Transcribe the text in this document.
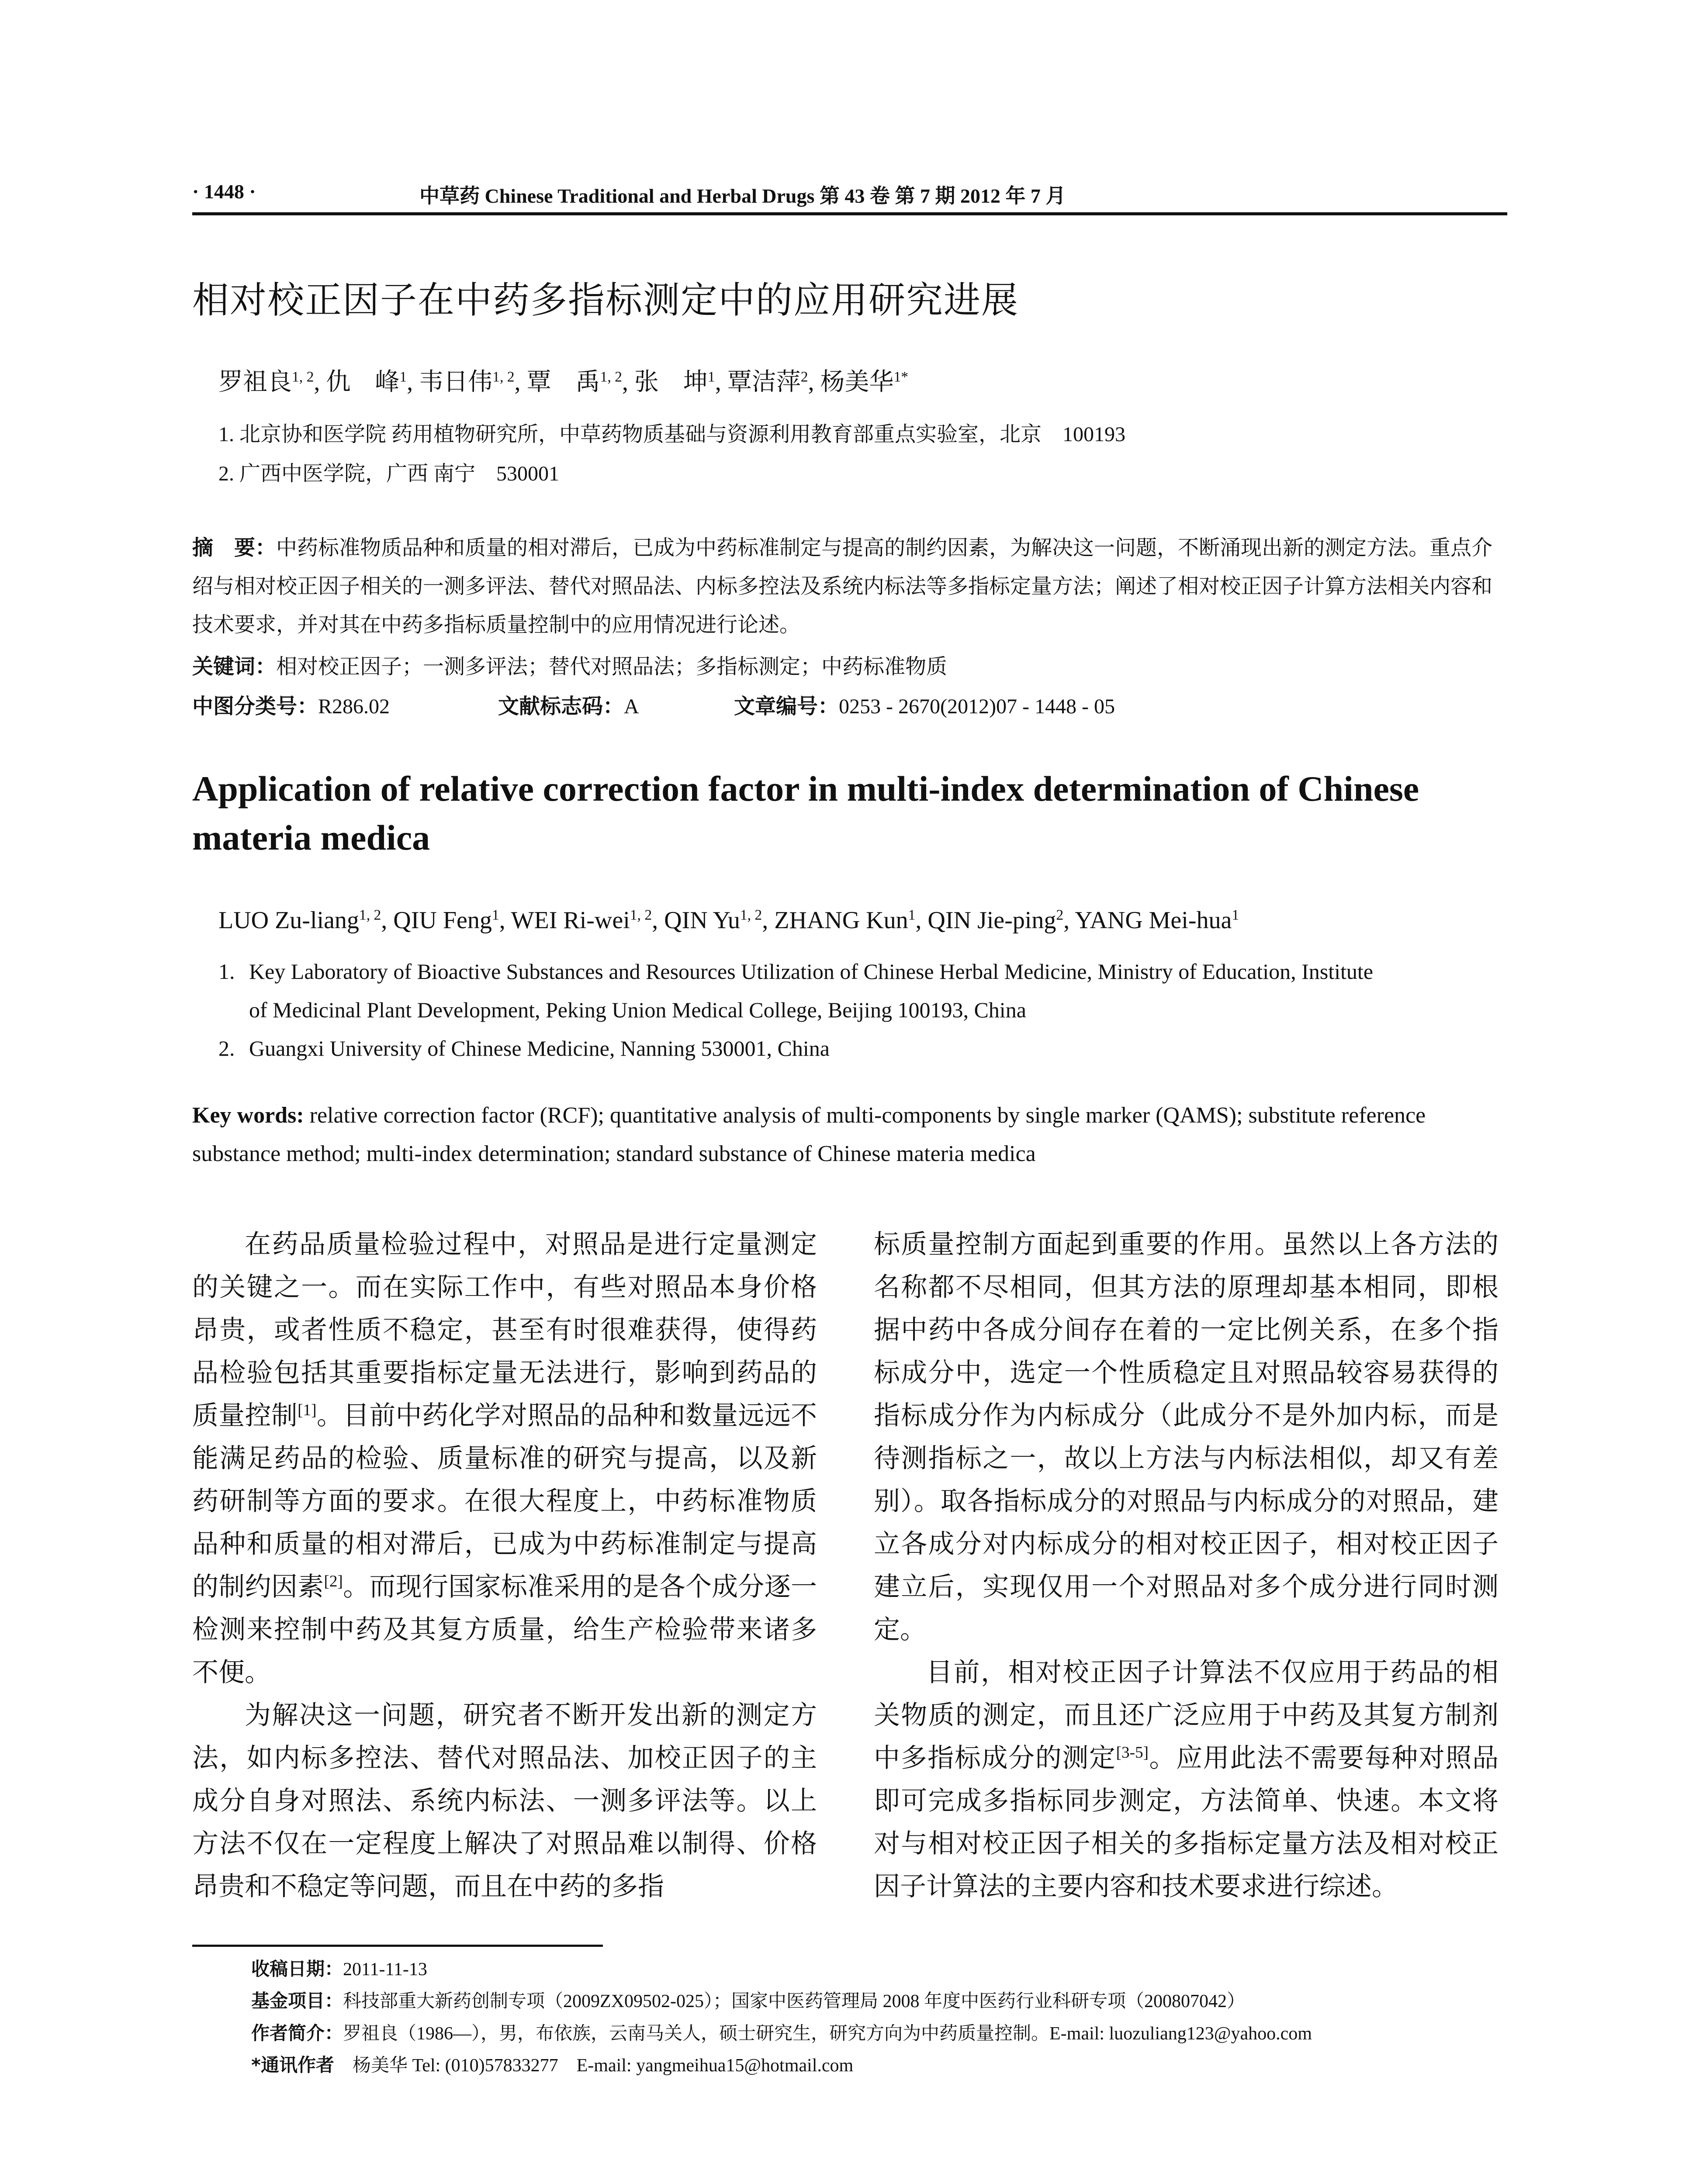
· 1448 ·	中草药 Chinese Traditional and Herbal Drugs 第 43 卷 第 7 期 2012 年 7 月
相对校正因子在中药多指标测定中的应用研究进展
罗祖良$^{1, 2}$, 仇　峰$^1$, 韦日伟$^{1, 2}$, 覃　禹$^{1, 2}$, 张　坤$^1$, 覃洁萍$^2$, 杨美华$^{1*}$
1. 北京协和医学院 药用植物研究所，中草药物质基础与资源利用教育部重点实验室，北京　100193
2. 广西中医学院，广西 南宁　530001
摘　要：中药标准物质品种和质量的相对滞后，已成为中药标准制定与提高的制约因素，为解决这一问题，不断涌现出新的测定方法。重点介绍与相对校正因子相关的一测多评法、替代对照品法、内标多控法及系统内标法等多指标定量方法；阐述了相对校正因子计算方法相关内容和技术要求，并对其在中药多指标质量控制中的应用情况进行论述。
关键词：相对校正因子；一测多评法；替代对照品法；多指标测定；中药标准物质
中图分类号：R286.02	文献标志码：A	文章编号：0253 - 2670(2012)07 - 1448 - 05
Application of relative correction factor in multi-index determination of Chinese materia medica
LUO Zu-liang$^{1, 2}$, QIU Feng$^1$, WEI Ri-wei$^{1, 2}$, QIN Yu$^{1, 2}$, ZHANG Kun$^1$, QIN Jie-ping$^2$, YANG Mei-hua$^1$
1. Key Laboratory of Bioactive Substances and Resources Utilization of Chinese Herbal Medicine, Ministry of Education, Institute
of Medicinal Plant Development, Peking Union Medical College, Beijing 100193, China
2. Guangxi University of Chinese Medicine, Nanning 530001, China
Key words: relative correction factor (RCF); quantitative analysis of multi-components by single marker (QAMS); substitute reference substance method; multi-index determination; standard substance of Chinese materia medica

在药品质量检验过程中，对照品是进行定量测定的关键之一。而在实际工作中，有些对照品本身价格昂贵，或者性质不稳定，甚至有时很难获得，使得药品检验包括其重要指标定量无法进行，影响到药品的质量控制[1]。目前中药化学对照品的品种和数量远远不能满足药品的检验、质量标准的研究与提高，以及新药研制等方面的要求。在很大程度上，中药标准物质品种和质量的相对滞后，已成为中药标准制定与提高的制约因素[2]。而现行国家标准采用的是各个成分逐一检测来控制中药及其复方质量，给生产检验带来诸多不便。

为解决这一问题，研究者不断开发出新的测定方法，如内标多控法、替代对照品法、加校正因子的主成分自身对照法、系统内标法、一测多评法等。以上方法不仅在一定程度上解决了对照品难以制得、价格昂贵和不稳定等问题，而且在中药的多指

标质量控制方面起到重要的作用。虽然以上各方法的名称都不尽相同，但其方法的原理却基本相同，即根据中药中各成分间存在着的一定比例关系，在多个指标成分中，选定一个性质稳定且对照品较容易获得的指标成分作为内标成分（此成分不是外加内标，而是待测指标之一，故以上方法与内标法相似，却又有差别）。取各指标成分的对照品与内标成分的对照品，建立各成分对内标成分的相对校正因子，相对校正因子建立后，实现仅用一个对照品对多个成分进行同时测定。

目前，相对校正因子计算法不仅应用于药品的相关物质的测定，而且还广泛应用于中药及其复方制剂中多指标成分的测定[3-5]。应用此法不需要每种对照品即可完成多指标同步测定，方法简单、快速。本文将对与相对校正因子相关的多指标定量方法及相对校正因子计算法的主要内容和技术要求进行综述。

收稿日期：2011-11-13
基金项目：科技部重大新药创制专项（2009ZX09502-025）；国家中医药管理局 2008 年度中医药行业科研专项（200807042）
作者简介：罗祖良（1986—），男，布依族，云南马关人，硕士研究生，研究方向为中药质量控制。E-mail: luozuliang123@yahoo.com
*通讯作者　杨美华 Tel: (010)57833277　E-mail: yangmeihua15@hotmail.com
